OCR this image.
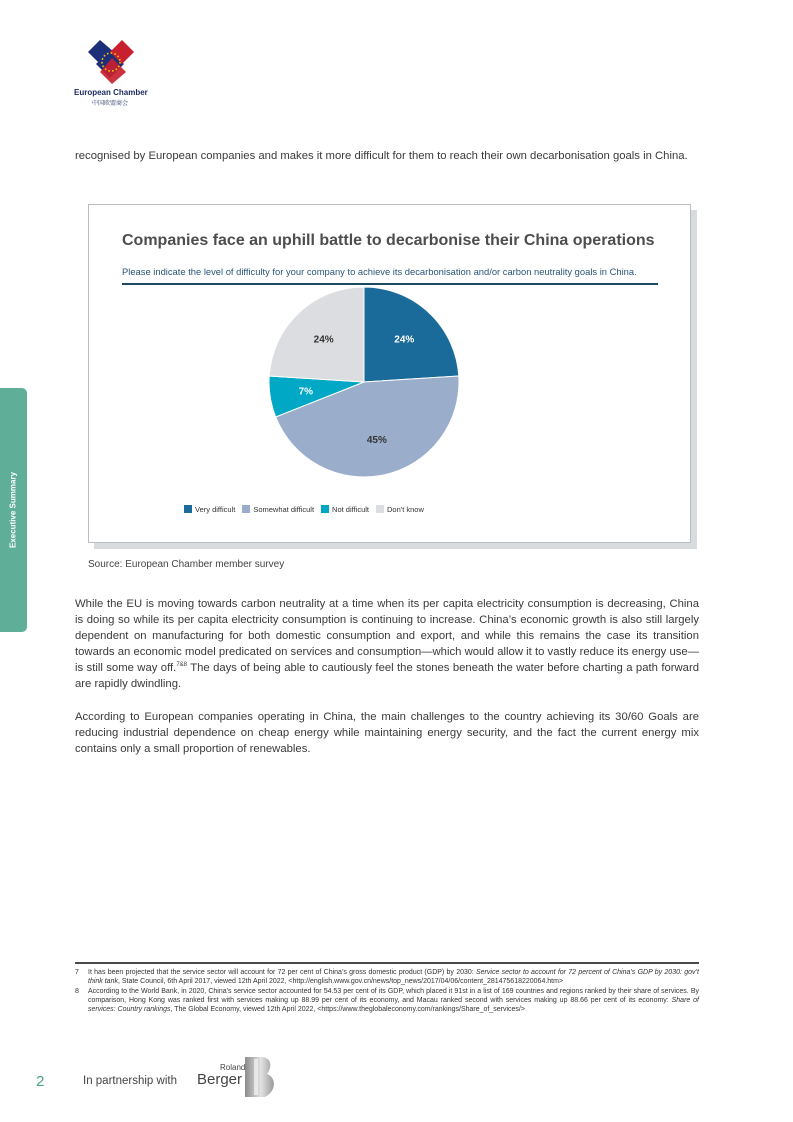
European Chamber
中国欧盟商会
Executive Summary

recognised by European companies and makes it more difficult for them to reach their own decarbonisation goals in China.

Companies face an uphill battle to decarbonise their China operations
Please indicate the level of difficulty for your company to achieve its decarbonisation and/or carbon neutrality goals in China.
24%
45%
7%
24%
Very difficult Somewhat difficult Not difficult Don't know
Source: European Chamber member survey

While the EU is moving towards carbon neutrality at a time when its per capita electricity consumption is decreasing, China is doing so while its per capita electricity consumption is continuing to increase. China’s economic growth is also still largely dependent on manufacturing for both domestic consumption and export, and while this remains the case its transition towards an economic model predicated on services and consumption—which would allow it to vastly reduce its energy use—is still some way off.$^{7\&8}$ The days of being able to cautiously feel the stones beneath the water before charting a path forward are rapidly dwindling.

According to European companies operating in China, the main challenges to the country achieving its 30/60 Goals are reducing industrial dependence on cheap energy while maintaining energy security, and the fact the current energy mix contains only a small proportion of renewables.

7 It has been projected that the service sector will account for 72 per cent of China’s gross domestic product (GDP) by 2030: Service sector to account for 72 percent of China’s GDP by 2030: gov’t think tank, State Council, 6th April 2017, viewed 12th April 2022, <http://english.www.gov.cn/news/top_news/2017/04/06/content_281475618220064.htm>
8 According to the World Bank, in 2020, China’s service sector accounted for 54.53 per cent of its GDP, which placed it 91st in a list of 169 countries and regions ranked by their share of services. By comparison, Hong Kong was ranked first with services making up 88.99 per cent of its economy, and Macau ranked second with services making up 88.66 per cent of its economy: Share of services: Country rankings, The Global Economy, viewed 12th April 2022, <https://www.theglobaleconomy.com/rankings/Share_of_services/>
2	In partnership with
Roland
Berger
